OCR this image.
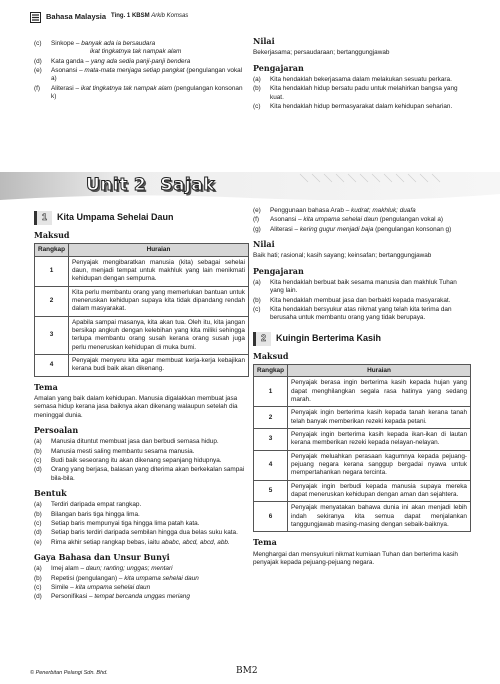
Bahasa Malaysia Ting. 1 KBSM Arkib Komsas
(c)	Sinkope – banyak ada ia bersaudara
ikat tingkatnya tak nampak alam
(d)	Kata ganda – yang ada sedia panji-panji bendera
(e)	Asonansi – mata-mata menjaga setiap pangkat (pengulangan vokal a)
(f)	Aliterasi – ikat tingkatnya tak nampak alam (pengulangan konsonan k)
Nilai
Bekerjasama; persaudaraan; bertanggungjawab
Pengajaran
(a)	Kita hendaklah bekerjasama dalam melakukan sesuatu perkara.
(b)	Kita hendaklah hidup bersatu padu untuk melahirkan bangsa yang kuat.
(c)	Kita hendaklah hidup bermasyarakat dalam kehidupan seharian.
Unit 2 Sajak
1	Kita Umpama Sehelai Daun
Maksud
Rangkap	Huraian
1	Penyajak mengibaratkan manusia (kita) sebagai sehelai daun, menjadi tempat untuk makhluk yang lain menikmati kehidupan dengan sempurna.
2	Kita perlu membantu orang yang memerlukan bantuan untuk meneruskan kehidupan supaya kita tidak dipandang rendah dalam masyarakat.
3	Apabila sampai masanya, kita akan tua. Oleh itu, kita jangan bersikap angkuh dengan kelebihan yang kita miliki sehingga terlupa membantu orang susah kerana orang susah juga perlu meneruskan kehidupan di muka bumi.
4	Penyajak menyeru kita agar membuat kerja-kerja kebajikan kerana budi baik akan dikenang.
Tema
Amalan yang baik dalam kehidupan. Manusia digalakkan membuat jasa semasa hidup kerana jasa baiknya akan dikenang walaupun setelah dia meninggal dunia.
Persoalan
(a)	Manusia dituntut membuat jasa dan berbudi semasa hidup.
(b)	Manusia mesti saling membantu sesama manusia.
(c)	Budi baik seseorang itu akan dikenang sepanjang hidupnya.
(d)	Orang yang berjasa, balasan yang diterima akan berkekalan sampai bila-bila.
Bentuk
(a)	Terdiri daripada empat rangkap.
(b)	Bilangan baris tiga hingga lima.
(c)	Setiap baris mempunyai tiga hingga lima patah kata.
(d)	Setiap baris terdiri daripada sembilan hingga dua belas suku kata.
(e)	Rima akhir setiap rangkap bebas, iaitu ababc, abcd, abcd, abb.
Gaya Bahasa dan Unsur Bunyi
(a)	Imej alam – daun; ranting; unggas; mentari
(b)	Repetisi (pengulangan) – kita umpama sehelai daun
(c)	Simile – kita umpama sehelai daun
(d)	Personifikasi – tempat bercanda unggas meriang
(e)	Penggunaan bahasa Arab – kudrat; makhluk; duafa
(f)	Asonansi – kita umpama sehelai daun (pengulangan vokal a)
(g)	Aliterasi – kering gugur menjadi baja (pengulangan konsonan g)
Nilai
Baik hati; rasional; kasih sayang; keinsafan; bertanggungjawab
Pengajaran
(a)	Kita hendaklah berbuat baik sesama manusia dan makhluk Tuhan yang lain.
(b)	Kita hendaklah membuat jasa dan berbakti kepada masyarakat.
(c)	Kita hendaklah bersyukur atas nikmat yang telah kita terima dan berusaha untuk membantu orang yang tidak berupaya.
2	Kuingin Berterima Kasih
Maksud
Rangkap	Huraian
1	Penyajak berasa ingin berterima kasih kepada hujan yang dapat menghilangkan segala rasa hatinya yang sedang marah.
2	Penyajak ingin berterima kasih kepada tanah kerana tanah telah banyak memberikan rezeki kepada petani.
3	Penyajak ingin berterima kasih kepada ikan-ikan di lautan kerana memberikan rezeki kepada nelayan-nelayan.
4	Penyajak meluahkan perasaan kagumnya kepada pejuang-pejuang negara kerana sanggup bergadai nyawa untuk mempertahankan negara tercinta.
5	Penyajak ingin berbudi kepada manusia supaya mereka dapat meneruskan kehidupan dengan aman dan sejahtera.
6	Penyajak menyatakan bahawa dunia ini akan menjadi lebih indah sekiranya kita semua dapat menjalankan tanggungjawab masing-masing dengan sebaik-baiknya.
Tema
Menghargai dan mensyukuri nikmat kurniaan Tuhan dan berterima kasih penyajak kepada pejuang-pejuang negara.
© Penerbitan Pelangi Sdn. Bhd.	BM2
